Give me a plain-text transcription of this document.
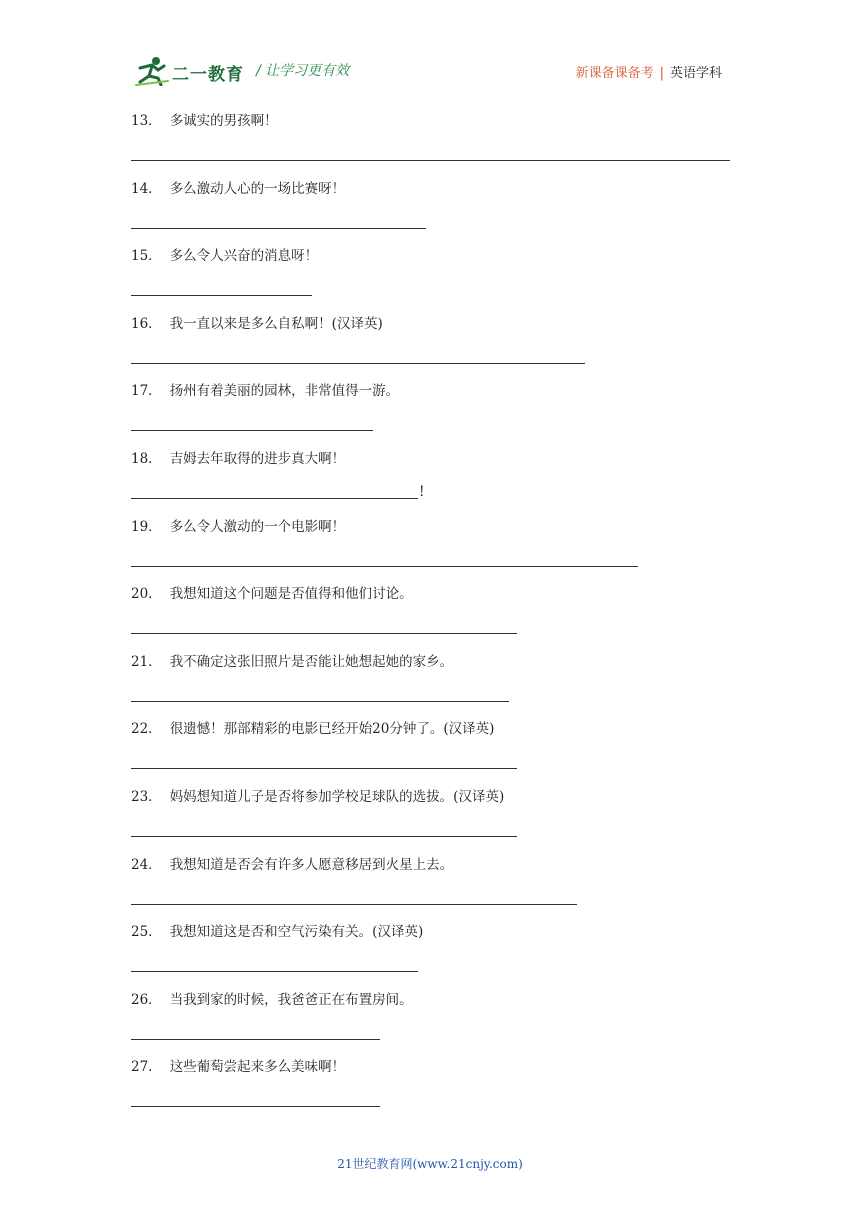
二一教育 / 让学习更有效	新课备课备考 | 英语学科
13． 多诚实的男孩啊！
14． 多么激动人心的一场比赛呀！
15． 多么令人兴奋的消息呀！
16． 我一直以来是多么自私啊！(汉译英)
17． 扬州有着美丽的园林，非常值得一游。
18． 吉姆去年取得的进步真大啊！
!
19． 多么令人激动的一个电影啊！
20． 我想知道这个问题是否值得和他们讨论。
21． 我不确定这张旧照片是否能让她想起她的家乡。
22． 很遗憾！那部精彩的电影已经开始20分钟了。(汉译英)
23． 妈妈想知道儿子是否将参加学校足球队的选拔。(汉译英)
24． 我想知道是否会有许多人愿意移居到火星上去。
25． 我想知道这是否和空气污染有关。(汉译英)
26． 当我到家的时候，我爸爸正在布置房间。
27． 这些葡萄尝起来多么美味啊！
21世纪教育网(www.21cnjy.com)
